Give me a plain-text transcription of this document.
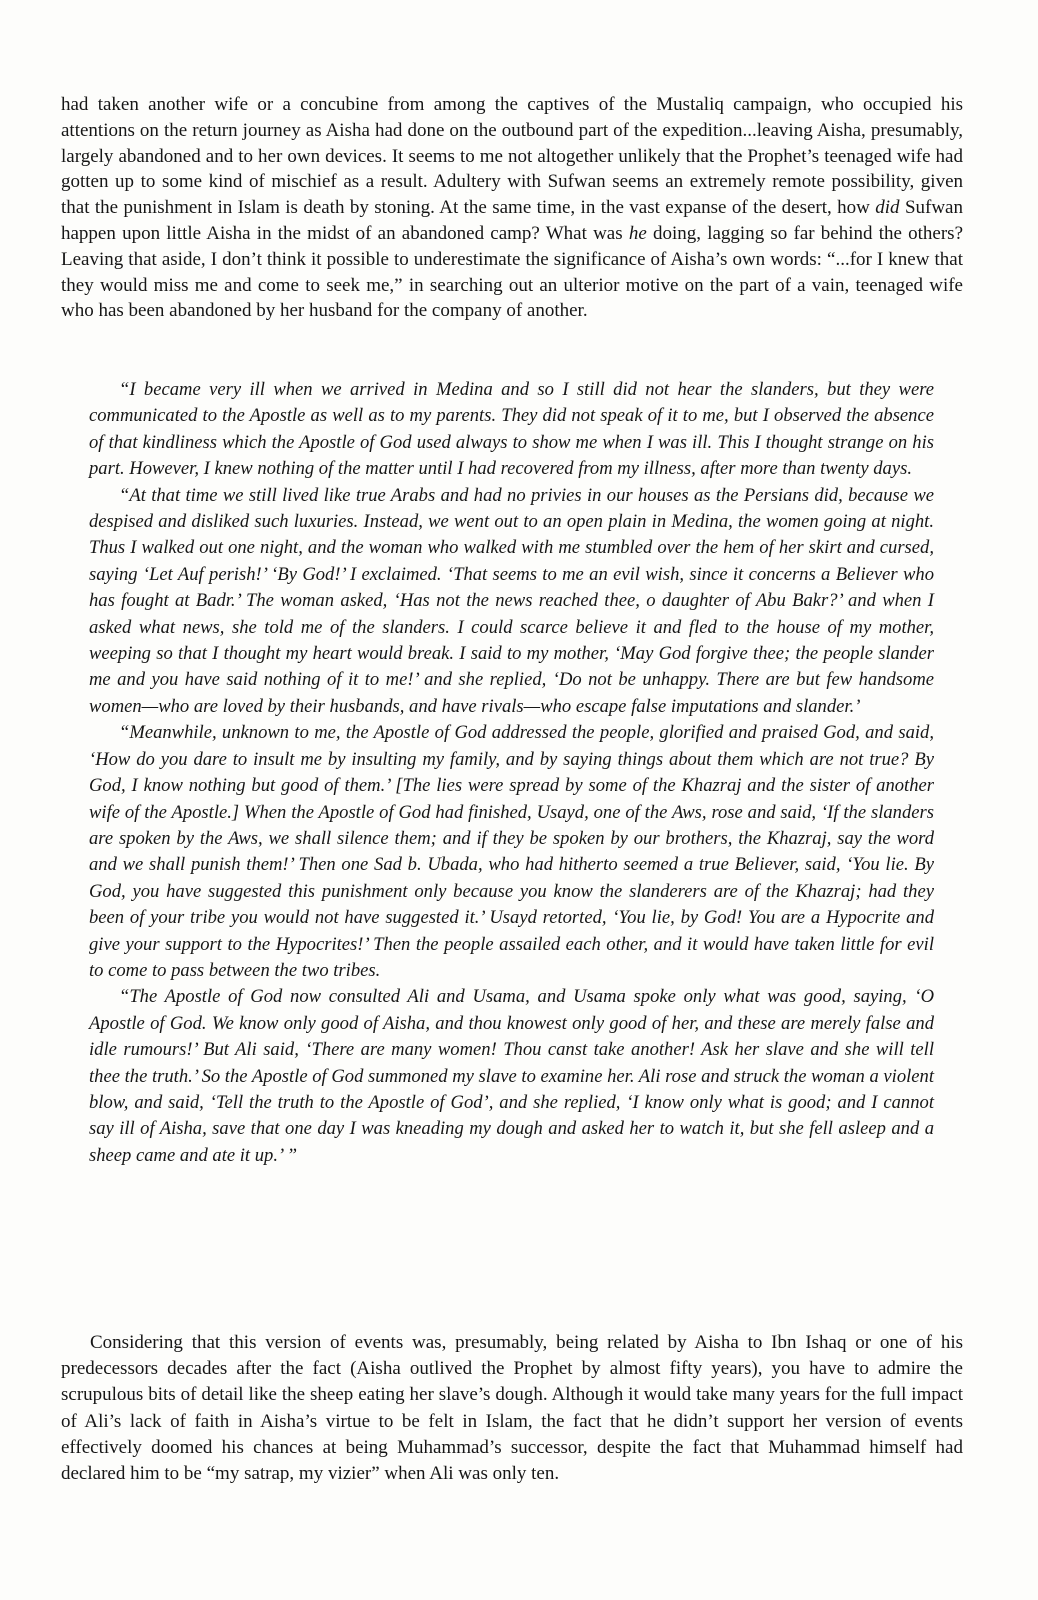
had taken another wife or a concubine from among the captives of the Mustaliq campaign, who occupied his attentions on the return journey as Aisha had done on the outbound part of the expedition...leaving Aisha, presumably, largely abandoned and to her own devices. It seems to me not altogether unlikely that the Prophet’s teenaged wife had gotten up to some kind of mischief as a result. Adultery with Sufwan seems an extremely remote possibility, given that the punishment in Islam is death by stoning. At the same time, in the vast expanse of the desert, how did Sufwan happen upon little Aisha in the midst of an abandoned camp? What was he doing, lagging so far behind the others? Leaving that aside, I don’t think it possible to underestimate the significance of Aisha’s own words: “...for I knew that they would miss me and come to seek me,” in searching out an ulterior motive on the part of a vain, teenaged wife who has been abandoned by her husband for the company of another.

“I became very ill when we arrived in Medina and so I still did not hear the slanders, but they were communicated to the Apostle as well as to my parents. They did not speak of it to me, but I observed the absence of that kindliness which the Apostle of God used always to show me when I was ill. This I thought strange on his part. However, I knew nothing of the matter until I had recovered from my illness, after more than twenty days.

“At that time we still lived like true Arabs and had no privies in our houses as the Persians did, because we despised and disliked such luxuries. Instead, we went out to an open plain in Medina, the women going at night. Thus I walked out one night, and the woman who walked with me stumbled over the hem of her skirt and cursed, saying ‘Let Auf perish!’ ‘By God!’ I exclaimed. ‘That seems to me an evil wish, since it concerns a Believer who has fought at Badr.’ The woman asked, ‘Has not the news reached thee, o daughter of Abu Bakr?’ and when I asked what news, she told me of the slanders. I could scarce believe it and fled to the house of my mother, weeping so that I thought my heart would break. I said to my mother, ‘May God forgive thee; the people slander me and you have said nothing of it to me!’ and she replied, ‘Do not be unhappy. There are but few handsome women—who are loved by their husbands, and have rivals—who escape false imputations and slander.’

“Meanwhile, unknown to me, the Apostle of God addressed the people, glorified and praised God, and said, ‘How do you dare to insult me by insulting my family, and by saying things about them which are not true? By God, I know nothing but good of them.’ [The lies were spread by some of the Khazraj and the sister of another wife of the Apostle.] When the Apostle of God had finished, Usayd, one of the Aws, rose and said, ‘If the slanders are spoken by the Aws, we shall silence them; and if they be spoken by our brothers, the Khazraj, say the word and we shall punish them!’ Then one Sad b. Ubada, who had hitherto seemed a true Believer, said, ‘You lie. By God, you have suggested this punishment only because you know the slanderers are of the Khazraj; had they been of your tribe you would not have suggested it.’ Usayd retorted, ‘You lie, by God! You are a Hypocrite and give your support to the Hypocrites!’ Then the people assailed each other, and it would have taken little for evil to come to pass between the two tribes.

“The Apostle of God now consulted Ali and Usama, and Usama spoke only what was good, saying, ‘O Apostle of God. We know only good of Aisha, and thou knowest only good of her, and these are merely false and idle rumours!’ But Ali said, ‘There are many women! Thou canst take another! Ask her slave and she will tell thee the truth.’ So the Apostle of God summoned my slave to examine her. Ali rose and struck the woman a violent blow, and said, ‘Tell the truth to the Apostle of God’, and she replied, ‘I know only what is good; and I cannot say ill of Aisha, save that one day I was kneading my dough and asked her to watch it, but she fell asleep and a sheep came and ate it up.’ ”

Considering that this version of events was, presumably, being related by Aisha to Ibn Ishaq or one of his predecessors decades after the fact (Aisha outlived the Prophet by almost fifty years), you have to admire the scrupulous bits of detail like the sheep eating her slave’s dough. Although it would take many years for the full impact of Ali’s lack of faith in Aisha’s virtue to be felt in Islam, the fact that he didn’t support her version of events effectively doomed his chances at being Muhammad’s successor, despite the fact that Muhammad himself had declared him to be “my satrap, my vizier” when Ali was only ten.
